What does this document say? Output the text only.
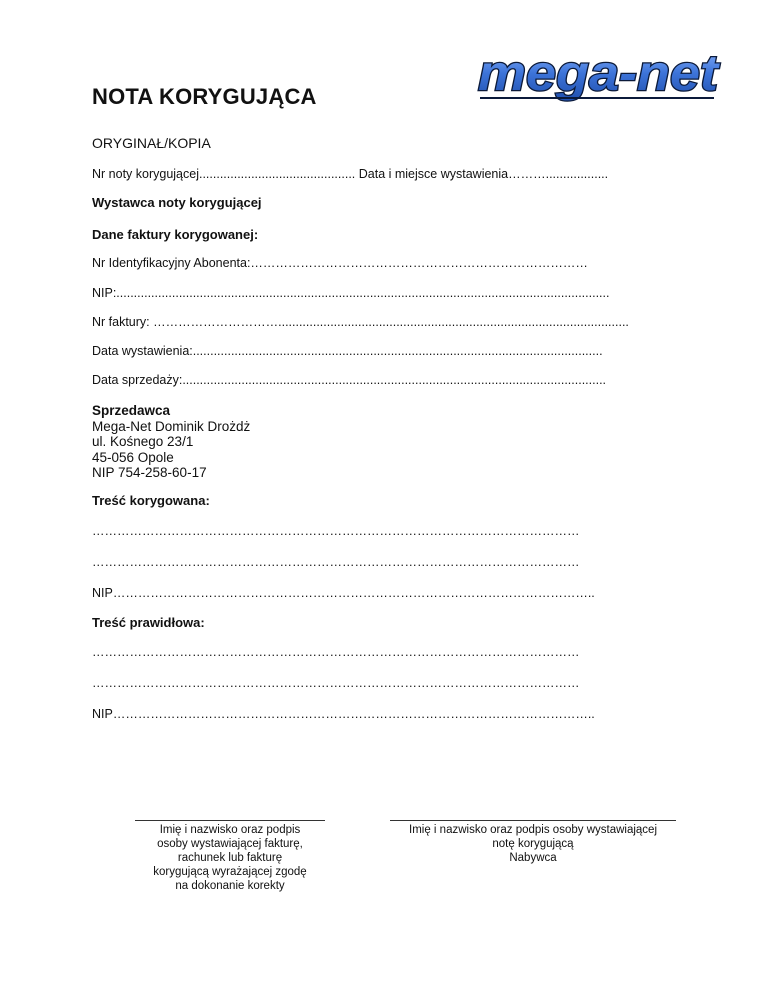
mega-net
NOTA KORYGUJĄCA
ORYGINAŁ/KOPIA
Nr noty korygującej............................................. Data i miejsce wystawienia………..................
Wystawca noty korygującej
Dane faktury korygowanej:
Nr Identyfikacyjny Abonenta:………………………………………………………………………
NIP:..............................................................................................................................................
Nr faktury: ………………………….....................................................................................................
Data wystawienia:......................................................................................................................
Data sprzedaży:..........................................................................................................................
Sprzedawca
Mega-Net Dominik Drożdż
ul. Kośnego 23/1
45-056 Opole
NIP 754-258-60-17
Treść korygowana:
………………………………………………………………………………………………………
………………………………………………………………………………………………………
NIP……………………………………………………………………………………………………..
Treść prawidłowa:
………………………………………………………………………………………………………
………………………………………………………………………………………………………
NIP……………………………………………………………………………………………………..
Imię i nazwisko oraz podpis
osoby wystawiającej fakturę,
rachunek lub fakturę
korygującą wyrażającej zgodę
na dokonanie korekty
Imię i nazwisko oraz podpis osoby wystawiającej
notę korygującą
Nabywca
